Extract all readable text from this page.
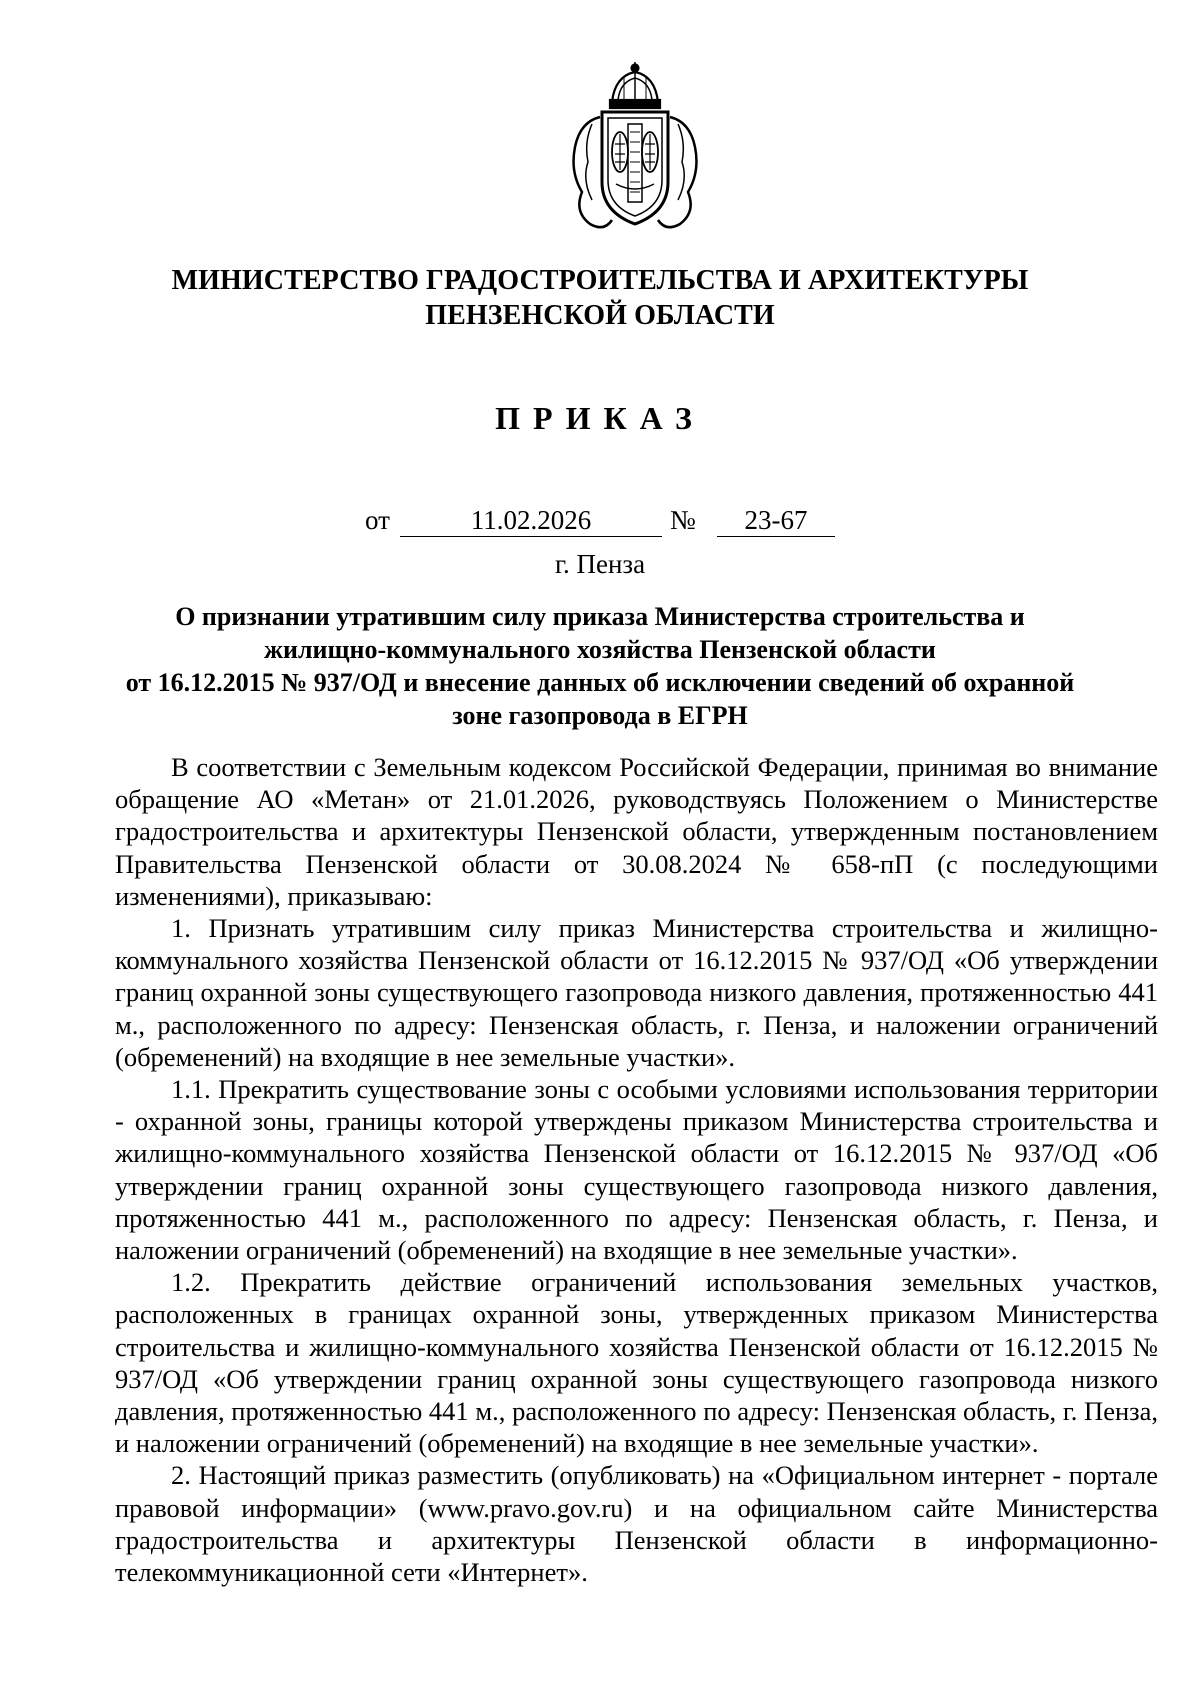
МИНИСТЕРСТВО ГРАДОСТРОИТЕЛЬСТВА И АРХИТЕКТУРЫ
ПЕНЗЕНСКОЙ ОБЛАСТИ
ПРИКАЗ
от	11.02.2026	№	23-67
г. Пенза
О признании утратившим силу приказа Министерства строительства и
жилищно-коммунального хозяйства Пензенской области
от 16.12.2015 № 937/ОД и внесение данных об исключении сведений об охранной
зоне газопровода в ЕГРН

В соответствии с Земельным кодексом Российской Федерации, принимая во внимание обращение АО «Метан» от 21.01.2026, руководствуясь Положением о Министерстве градостроительства и архитектуры Пензенской области, утвержденным постановлением Правительства Пензенской области от 30.08.2024 № 658-пП (с последующими изменениями), приказываю:

1. Признать утратившим силу приказ Министерства строительства и жилищно-коммунального хозяйства Пензенской области от 16.12.2015 № 937/ОД «Об утверждении границ охранной зоны существующего газопровода низкого давления, протяженностью 441 м., расположенного по адресу: Пензенская область, г. Пенза, и наложении ограничений (обременений) на входящие в нее земельные участки».

1.1. Прекратить существование зоны с особыми условиями использования территории - охранной зоны, границы которой утверждены приказом Министерства строительства и жилищно-коммунального хозяйства Пензенской области от 16.12.2015 № 937/ОД «Об утверждении границ охранной зоны существующего газопровода низкого давления, протяженностью 441 м., расположенного по адресу: Пензенская область, г. Пенза, и наложении ограничений (обременений) на входящие в нее земельные участки».

1.2. Прекратить действие ограничений использования земельных участков, расположенных в границах охранной зоны, утвержденных приказом Министерства строительства и жилищно-коммунального хозяйства Пензенской области от 16.12.2015 № 937/ОД «Об утверждении границ охранной зоны существующего газопровода низкого давления, протяженностью 441 м., расположенного по адресу: Пензенская область, г. Пенза, и наложении ограничений (обременений) на входящие в нее земельные участки».

2. Настоящий приказ разместить (опубликовать) на «Официальном интернет - портале правовой информации» (www.pravo.gov.ru) и на официальном сайте Министерства градостроительства и архитектуры Пензенской области в информационно-телекоммуникационной сети «Интернет».
